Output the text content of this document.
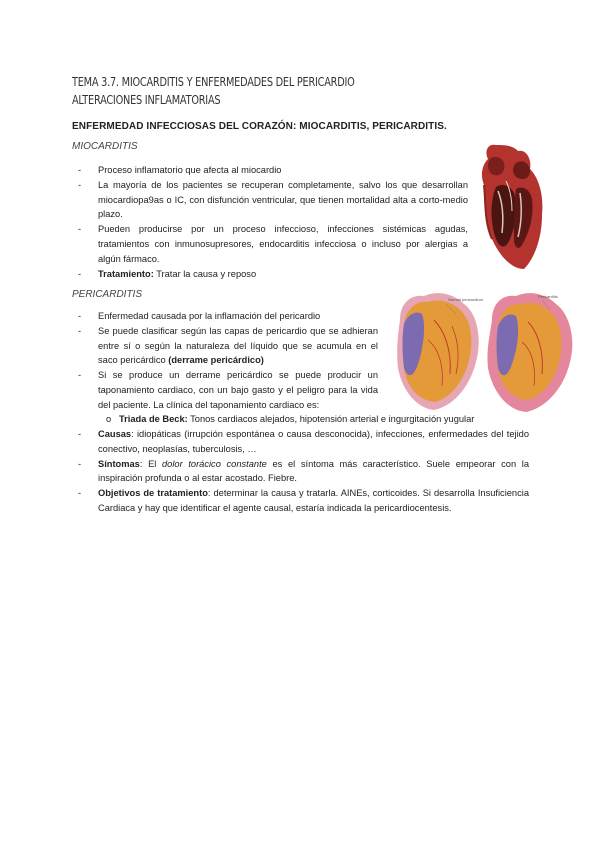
TEMA 3.7. MIOCARDITIS Y ENFERMEDADES DEL PERICARDIO
ALTERACIONES INFLAMATORIAS
ENFERMEDAD INFECCIOSAS DEL CORAZÓN: MIOCARDITIS, PERICARDITIS.
MIOCARDITIS
- Proceso inflamatorio que afecta al miocardio
- La mayoría de los pacientes se recuperan completamente, salvo los que desarrollan miocardiopa9as o IC, con disfunción ventricular, que tienen mortalidad alta a corto-medio plazo.
- Pueden producirse por un proceso infeccioso, infecciones sistémicas agudas, tratamientos con inmunosupresores, endocarditis infecciosa o incluso por alergias a algún fármaco.
- Tratamiento: Tratar la causa y reposo
PERICARDITIS
- Enfermedad causada por la inflamación del pericardio
- Se puede clasificar según las capas de pericardio que se adhieran entre sí o según la naturaleza del líquido que se acumula en el saco pericárdico (derrame pericárdico)
- Si se produce un derrame pericárdico se puede producir un taponamiento cardiaco, con un bajo gasto y el peligro para la vida del paciente. La clínica del taponamiento cardiaco es:
o Triada de Beck: Tonos cardiacos alejados, hipotensión arterial e ingurgitación yugular
- Causas: idiopáticas (irrupción espontánea o causa desconocida), infecciones, enfermedades del tejido conectivo, neoplasías, tuberculosis, …
- Síntomas: El dolor torácico constante es el síntoma más característico. Suele empeorar con la inspiración profunda o al estar acostado. Fiebre.
- Objetivos de tratamiento: determinar la causa y tratarla. AINEs, corticoides. Si desarrolla Insuficiencia Cardiaca y hay que identificar el agente causal, estaría indicada la pericardiocentesis.
Normal pericardium
Pericarditis
